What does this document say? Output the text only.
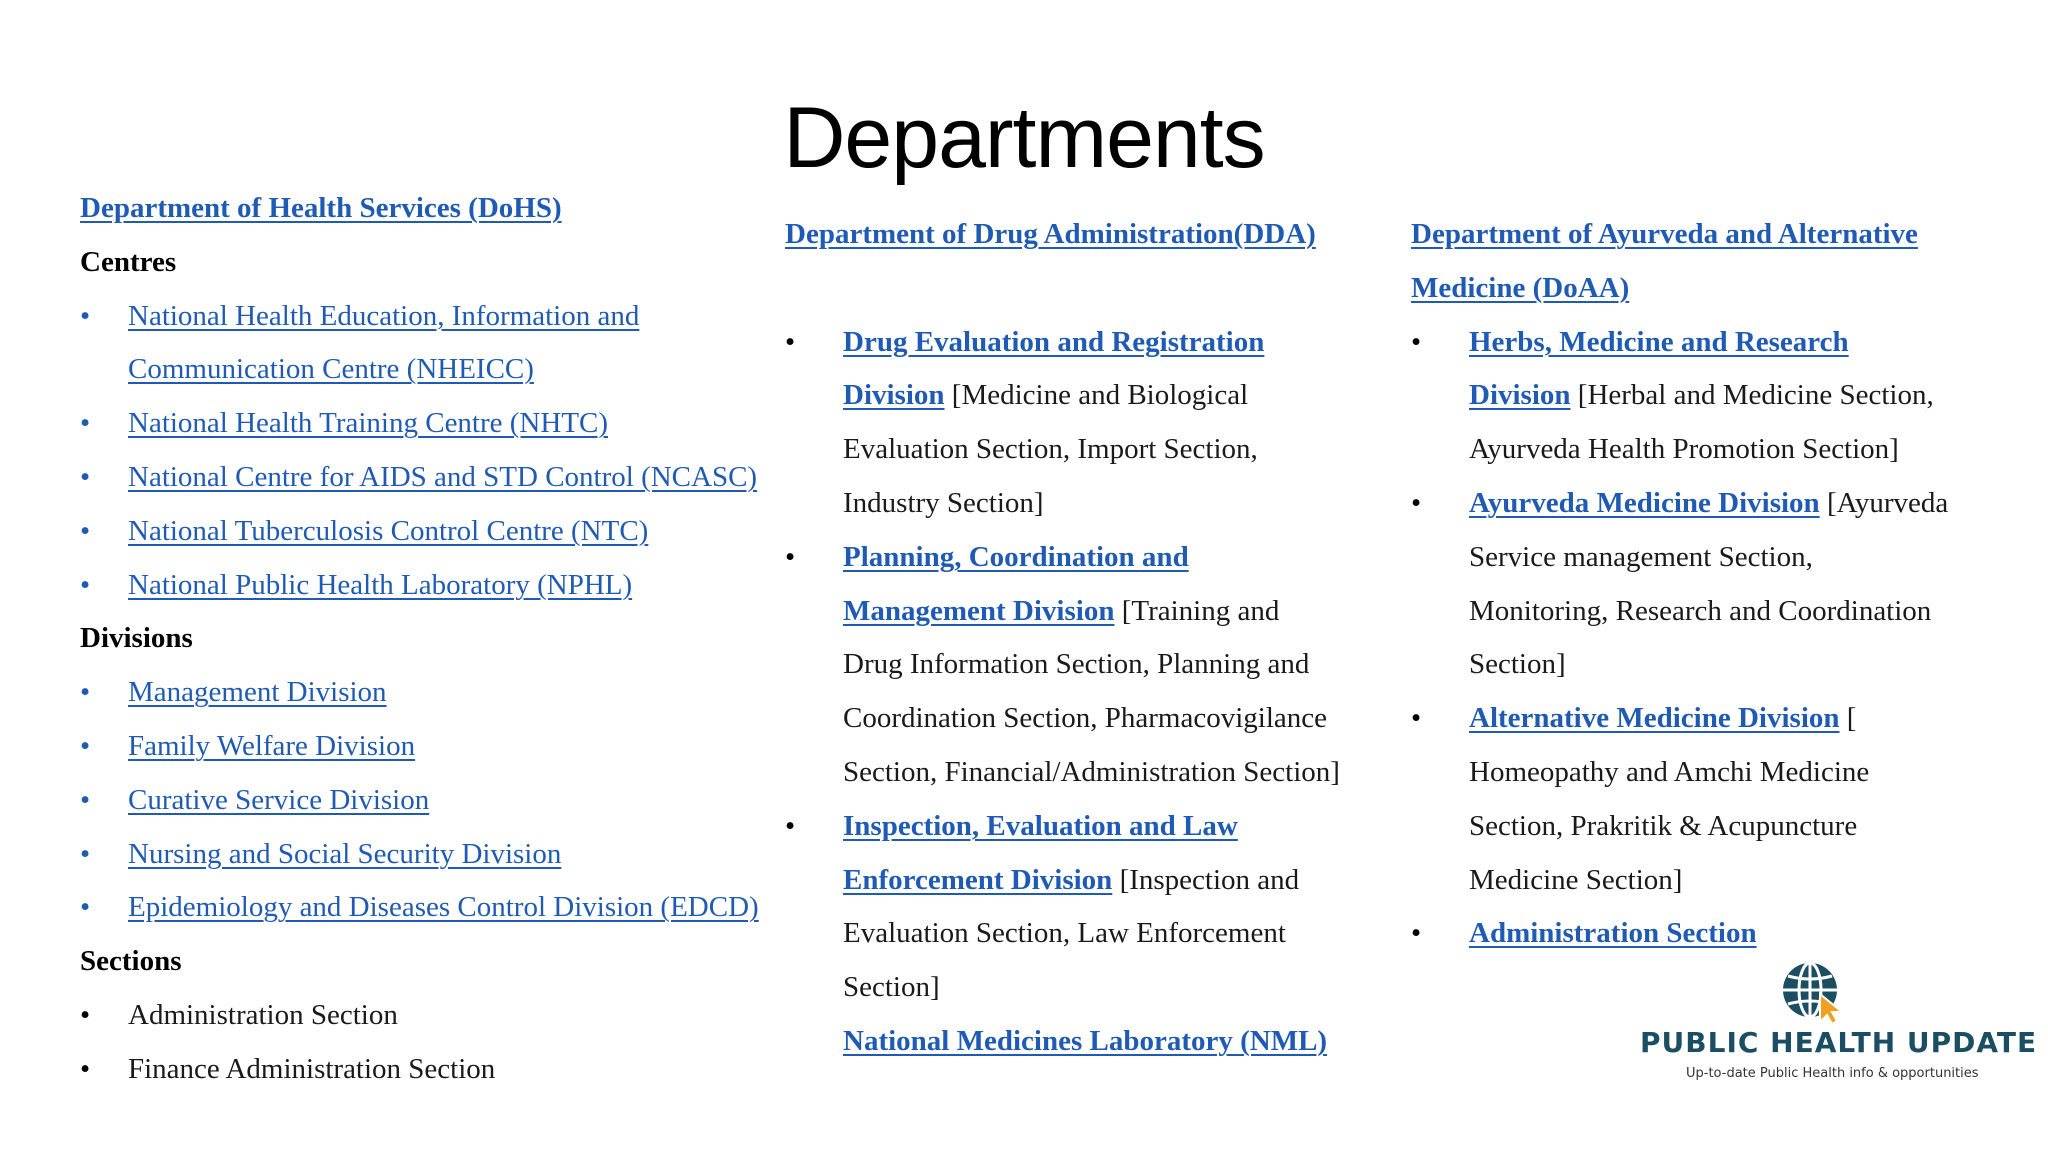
Departments
Department of Health Services (DoHS)
Centres
•	National Health Education, Information and
Communication Centre (NHEICC)
•	National Health Training Centre (NHTC)
•	National Centre for AIDS and STD Control (NCASC)
•	National Tuberculosis Control Centre (NTC)
•	National Public Health Laboratory (NPHL)
Divisions
•	Management Division
•	Family Welfare Division
•	Curative Service Division
•	Nursing and Social Security Division
•	Epidemiology and Diseases Control Division (EDCD)
Sections
•	Administration Section
•	Finance Administration Section
Department of Drug Administration(DDA)
•	Drug Evaluation and Registration
Division [Medicine and Biological
Evaluation Section, Import Section,
Industry Section]
•	Planning, Coordination and
Management Division [Training and
Drug Information Section, Planning and
Coordination Section, Pharmacovigilance
Section, Financial/Administration Section]
•	Inspection, Evaluation and Law
Enforcement Division [Inspection and
Evaluation Section, Law Enforcement
Section]
National Medicines Laboratory (NML)
Department of Ayurveda and Alternative
Medicine (DoAA)
•	Herbs, Medicine and Research
Division [Herbal and Medicine Section,
Ayurveda Health Promotion Section]
•	Ayurveda Medicine Division [Ayurveda
Service management Section,
Monitoring, Research and Coordination
Section]
•	Alternative Medicine Division [
Homeopathy and Amchi Medicine
Section, Prakritik & Acupuncture
Medicine Section]
•	Administration Section
PUBLIC HEALTH UPDATE
Up-to-date Public Health info & opportunities
